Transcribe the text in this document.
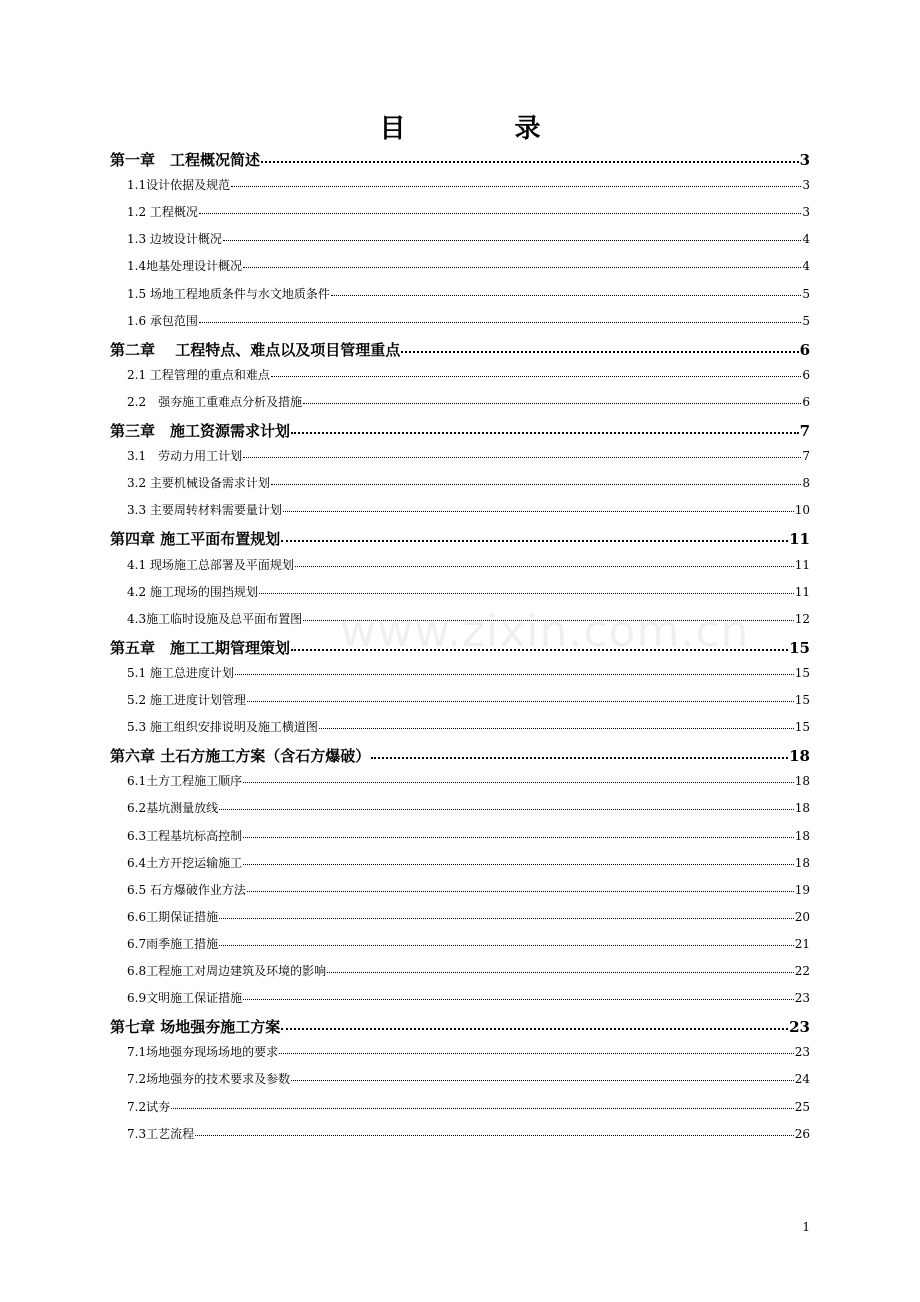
目 录
www.zixin.com.cn
第一章　工程概况简述	3
1.1设计依据及规范	3
1.2 工程概况	3
1.3 边坡设计概况	4
1.4地基处理设计概况	4
1.5 场地工程地质条件与水文地质条件	5
1.6 承包范围	5
第二章　 工程特点、难点以及项目管理重点	6
2.1 工程管理的重点和难点	6
2.2　强夯施工重难点分析及措施	6
第三章　施工资源需求计划	7
3.1　劳动力用工计划	7
3.2 主要机械设备需求计划	8
3.3 主要周转材料需要量计划	10
第四章 施工平面布置规划	11
4.1 现场施工总部署及平面规划	11
4.2 施工现场的围挡规划	11
4.3施工临时设施及总平面布置图	12
第五章　施工工期管理策划	15
5.1 施工总进度计划	15
5.2 施工进度计划管理	15
5.3 施工组织安排说明及施工横道图	15
第六章 土石方施工方案（含石方爆破）	18
6.1土方工程施工顺序	18
6.2基坑测量放线	18
6.3工程基坑标高控制	18
6.4土方开挖运输施工	18
6.5 石方爆破作业方法	19
6.6工期保证措施	20
6.7雨季施工措施	21
6.8工程施工对周边建筑及环境的影响	22
6.9文明施工保证措施	23
第七章 场地强夯施工方案	23
7.1场地强夯现场场地的要求	23
7.2场地强夯的技术要求及参数	24
7.2试夯	25
7.3工艺流程	26
1
